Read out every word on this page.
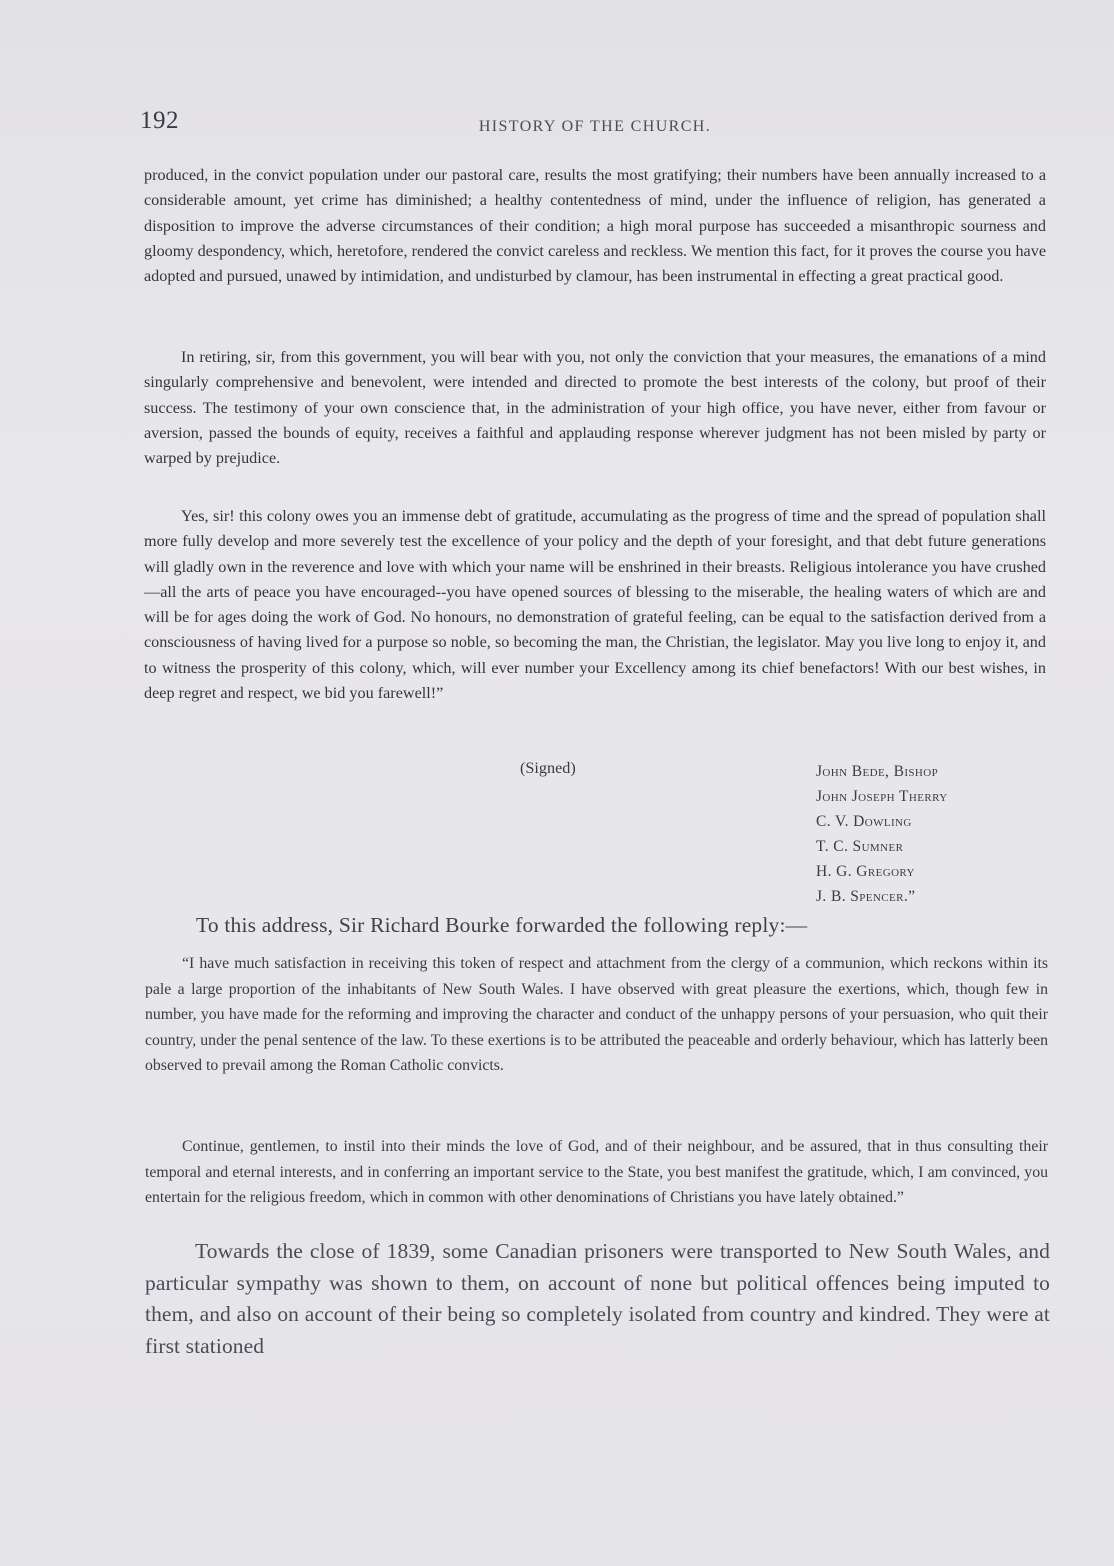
192	HISTORY OF THE CHURCH.

produced, in the convict population under our pastoral care, results the most gratifying; their numbers have been annually increased to a considerable amount, yet crime has diminished; a healthy contentedness of mind, under the influence of religion, has generated a disposition to improve the adverse circumstances of their condition; a high moral purpose has succeeded a misanthropic sourness and gloomy despondency, which, heretofore, rendered the convict careless and reckless. We mention this fact, for it proves the course you have adopted and pursued, unawed by intimidation, and undisturbed by clamour, has been instrumental in effecting a great practical good.

In retiring, sir, from this government, you will bear with you, not only the conviction that your measures, the emanations of a mind singularly comprehensive and benevolent, were intended and directed to promote the best interests of the colony, but proof of their success. The testimony of your own conscience that, in the administration of your high office, you have never, either from favour or aversion, passed the bounds of equity, receives a faithful and applauding response wherever judgment has not been misled by party or warped by prejudice.

Yes, sir! this colony owes you an immense debt of gratitude, accumulating as the progress of time and the spread of population shall more fully develop and more severely test the excellence of your policy and the depth of your foresight, and that debt future generations will gladly own in the reverence and love with which your name will be enshrined in their breasts. Religious intolerance you have crushed—all the arts of peace you have encouraged--you have opened sources of blessing to the miserable, the healing waters of which are and will be for ages doing the work of God. No honours, no demonstration of grateful feeling, can be equal to the satisfaction derived from a consciousness of having lived for a purpose so noble, so becoming the man, the Christian, the legislator. May you live long to enjoy it, and to witness the prosperity of this colony, which, will ever number your Excellency among its chief benefactors! With our best wishes, in deep regret and respect, we bid you farewell!”

(Signed)	John Bede, Bishop
John Joseph Therry
C. V. Dowling
T. C. Sumner
H. G. Gregory
J. B. Spencer.”
To this address, Sir Richard Bourke forwarded the following reply:—

“I have much satisfaction in receiving this token of respect and attachment from the clergy of a communion, which reckons within its pale a large proportion of the inhabitants of New South Wales. I have observed with great pleasure the exertions, which, though few in number, you have made for the reforming and improving the character and conduct of the unhappy persons of your persuasion, who quit their country, under the penal sentence of the law. To these exertions is to be attributed the peaceable and orderly behaviour, which has latterly been observed to prevail among the Roman Catholic convicts.

Continue, gentlemen, to instil into their minds the love of God, and of their neighbour, and be assured, that in thus consulting their temporal and eternal interests, and in conferring an important service to the State, you best manifest the gratitude, which, I am convinced, you entertain for the religious freedom, which in common with other denominations of Christians you have lately obtained.”

Towards the close of 1839, some Canadian prisoners were transported to New South Wales, and particular sympathy was shown to them, on account of none but political offences being imputed to them, and also on account of their being so completely isolated from country and kindred. They were at first stationed
